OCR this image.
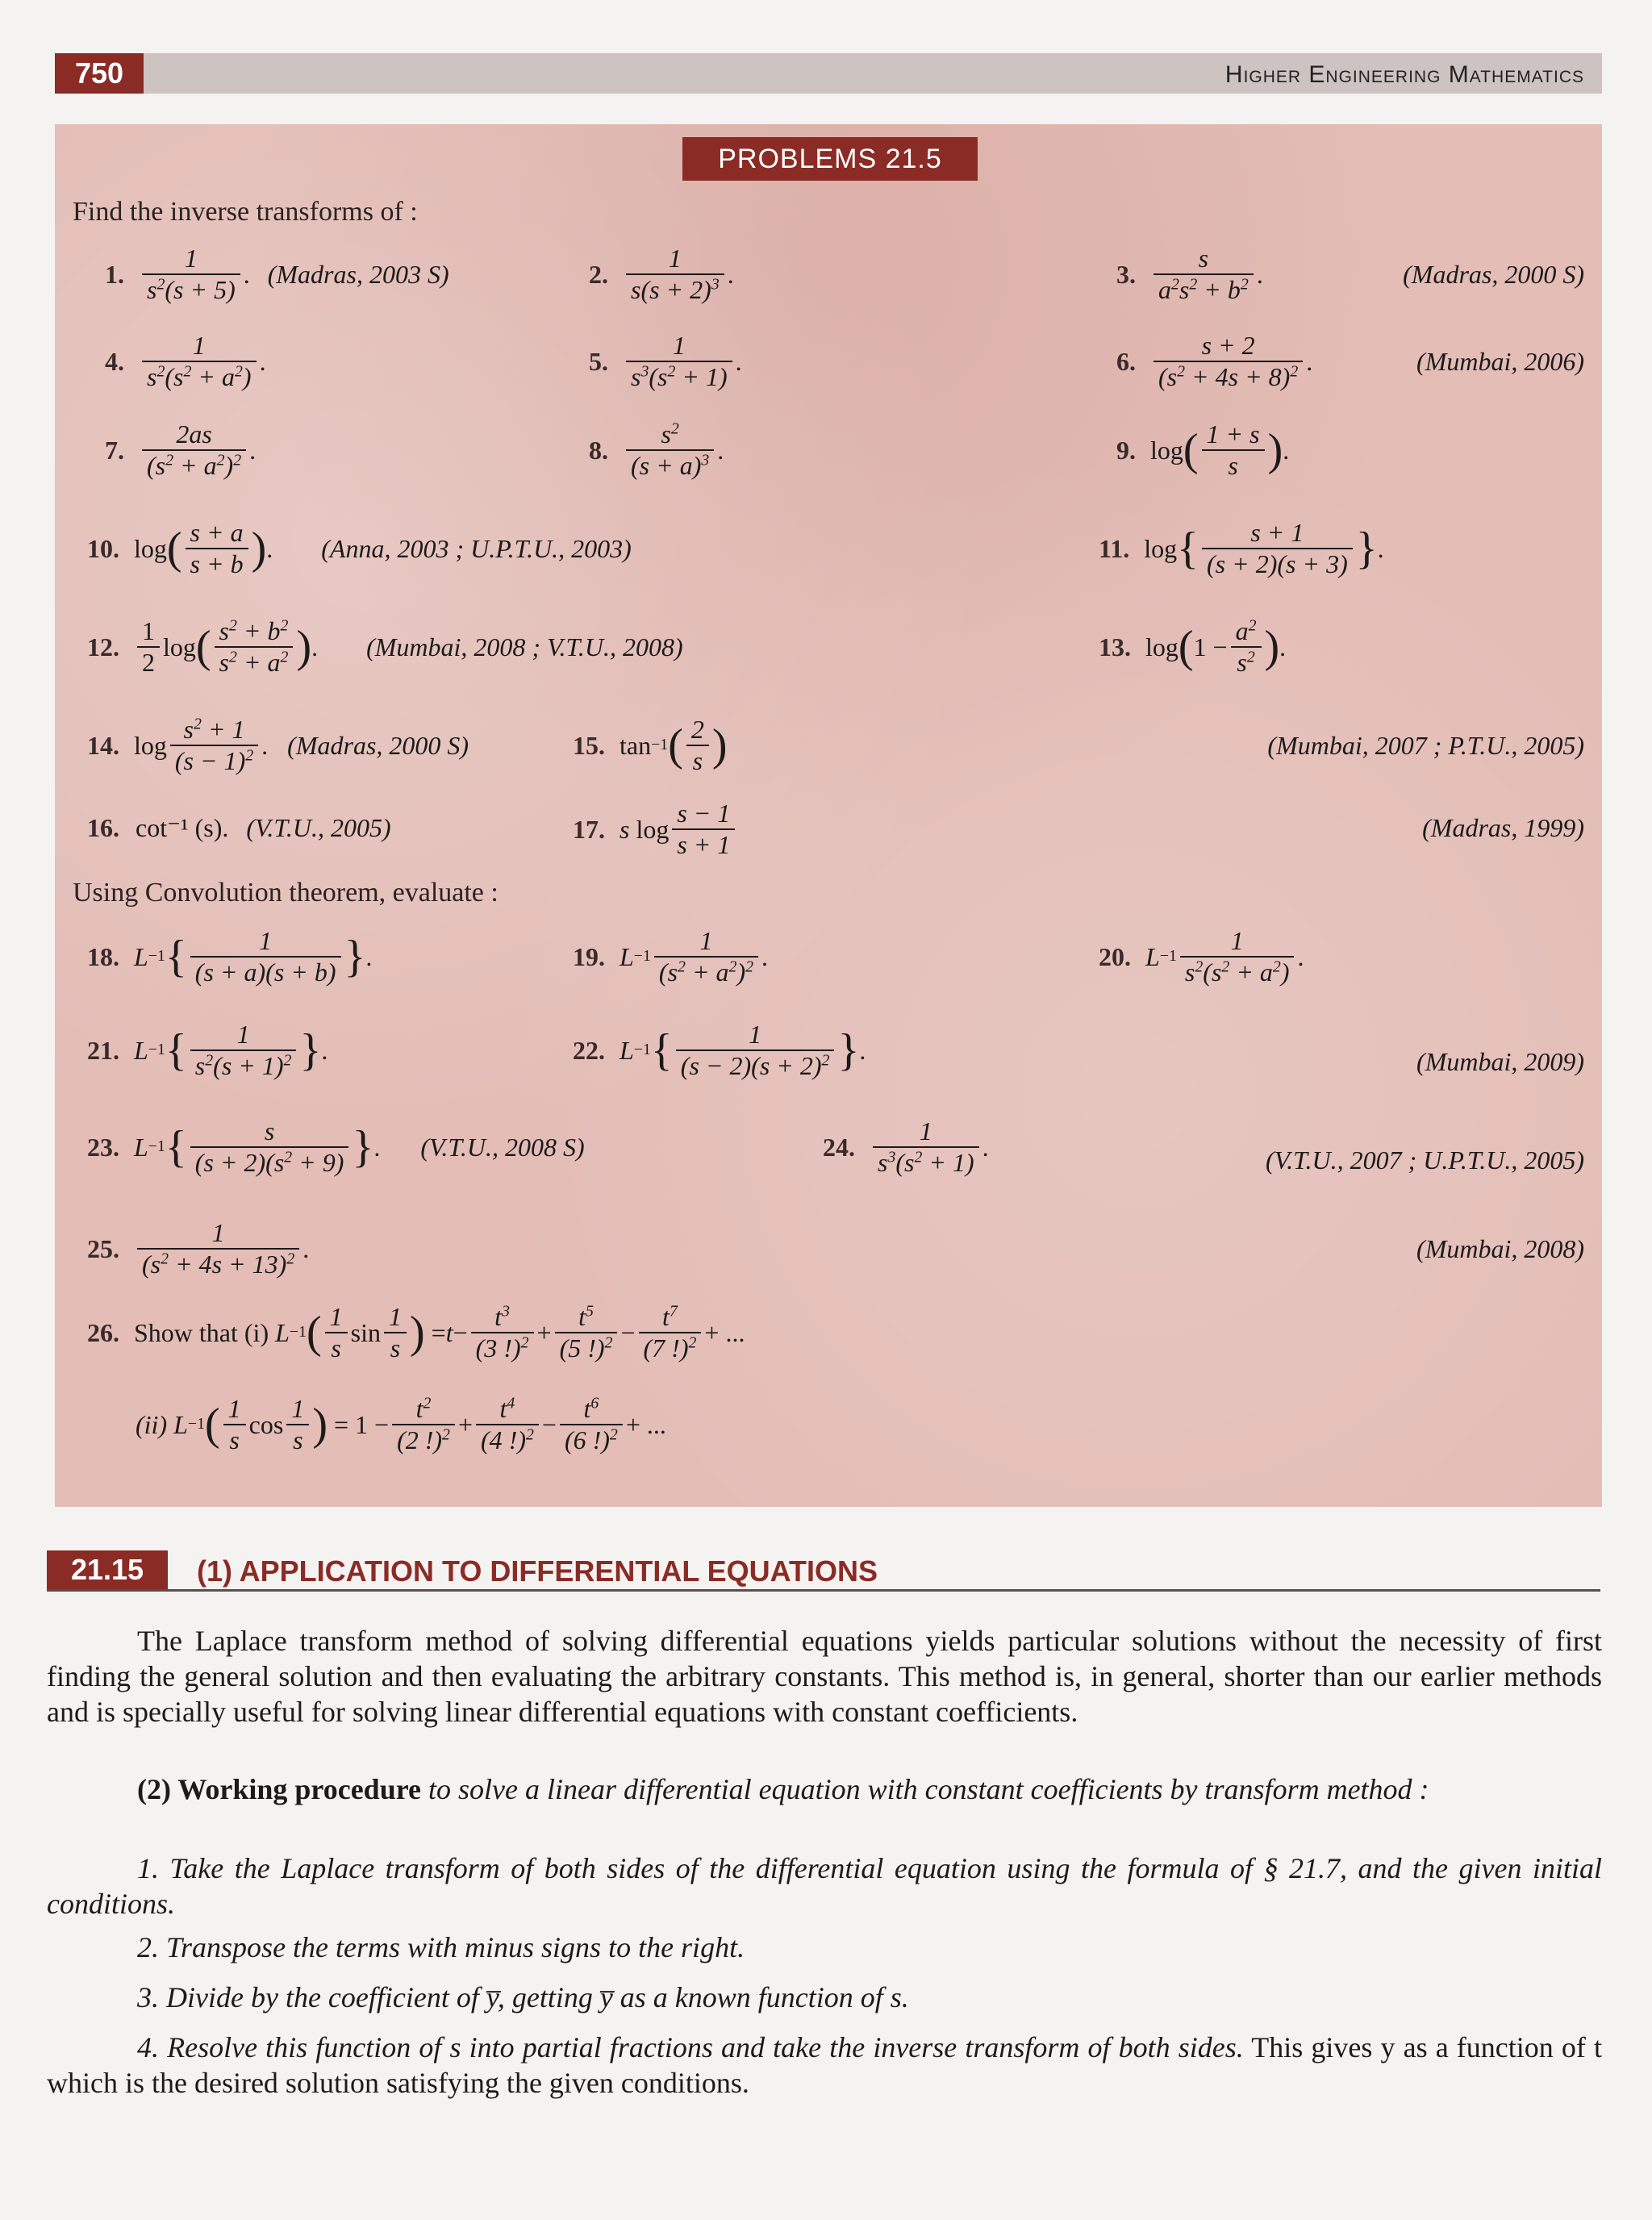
750	Higher Engineering Mathematics
PROBLEMS 21.5
Find the inverse transforms of :
1. $\frac{1}{s^2(s + 5)}$ . (Madras, 2003 S)	2. $\frac{1}{s(s + 2)^3}$ .	3. $\frac{s}{a^2s^2 + b^2}$ .	(Madras, 2000 S)
4. $\frac{1}{s^2(s^2 + a^2)}$ .	5. $\frac{1}{s^3(s^2 + 1)}$ .	6. $\frac{s + 2}{(s^2 + 4s + 8)^2}$ .	(Mumbai, 2006)
7. $\frac{2as}{(s^2 + a^2)^2}$ .	8. $\frac{s^2}{(s + a)^3}$ .	9. log ( $\frac{1 + s}{s}$ ) .
10. log ( $\frac{s + a}{s + b}$ ) . (Anna, 2003 ; U.P.T.U., 2003)	11. log { $\frac{s + 1}{(s + 2)(s + 3)}$ } .
12. $\frac{1}{2}$ log ( $\frac{s^2 + b^2}{s^2 + a^2}$ ) . (Mumbai, 2008 ; V.T.U., 2008)	13. log ( $1 - \frac{a^2}{s^2}$ ) .
14. $\log \frac{s^2 + 1}{(s - 1)^2}$ . (Madras, 2000 S)	15. tan −1 ( $\frac{2}{s}$ )	(Mumbai, 2007 ; P.T.U., 2005)
16. cot⁻¹ (s). (V.T.U., 2005)	17. s $\log \frac{s - 1}{s + 1}$	(Madras, 1999)
Using Convolution theorem, evaluate :
18. L −1 { $\frac{1}{(s + a)(s + b)}$ } .	19. $L -1 \frac{1}{(s^2 + a^2)^2}$ .	20. $L -1 \frac{1}{s^2(s^2 + a^2)}$ .
21. L −1 { $\frac{1}{s^2(s + 1)^2}$ } .	22. L −1 { $\frac{1}{(s - 2)(s + 2)^2}$ } .	(Mumbai, 2009)
23. L −1 { $\frac{s}{(s + 2)(s^2 + 9)}$ } . (V.T.U., 2008 S)	24. $\frac{1}{s^3(s^2 + 1)}$ .	(V.T.U., 2007 ; U.P.T.U., 2005)
25. $\frac{1}{(s^2 + 4s + 13)^2}$ .	(Mumbai, 2008)
26. Show that (i)
L −1 ( $\frac{1}{s}$ $\sin \frac{1}{s}$ ) = $t - \frac{t^3}{(3 !)^2} + \frac{t^5}{(5 !)^2} - \frac{t^7}{(7 !)^2}$ + ...
(ii)
L −1 ( $\frac{1}{s}$ $\cos \frac{1}{s}$ ) = $1 - \frac{t^2}{(2 !)^2} + \frac{t^4}{(4 !)^2} - \frac{t^6}{(6 !)^2}$ + ...
21.15	(1) APPLICATION TO DIFFERENTIAL EQUATIONS
The Laplace transform method of solving differential equations yields particular solutions without the necessity of first finding the general solution and then evaluating the arbitrary constants. This method is, in general, shorter than our earlier methods and is specially useful for solving linear differential equations with constant coefficients.
(2) Working procedure to solve a linear differential equation with constant coefficients by transform method :
1. Take the Laplace transform of both sides of the differential equation using the formula of § 21.7, and the given initial conditions.
2. Transpose the terms with minus signs to the right.
3. Divide by the coefficient of y̅, getting y̅ as a known function of s.
4. Resolve this function of s into partial fractions and take the inverse transform of both sides. This gives y as a function of t which is the desired solution satisfying the given conditions.
